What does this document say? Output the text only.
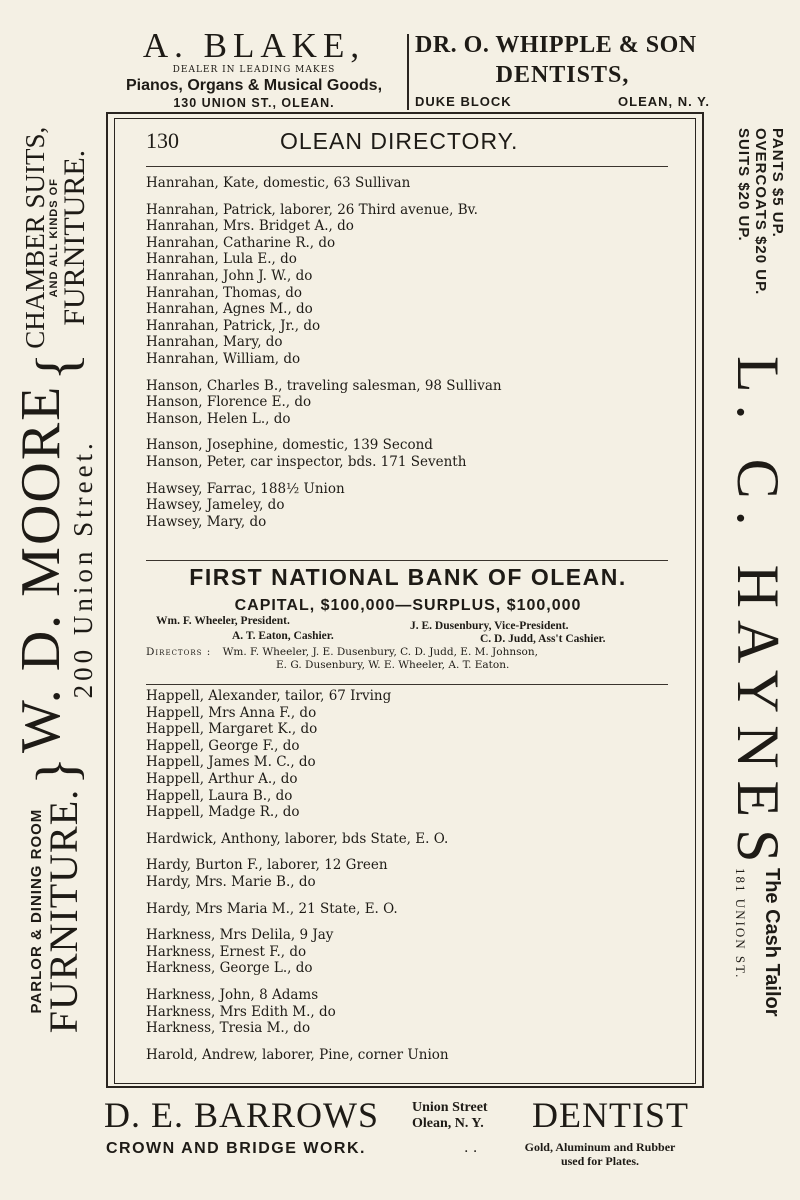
A. BLAKE,
DEALER IN LEADING MAKES
Pianos, Organs & Musical Goods,
130 UNION ST., OLEAN.
DR. O. WHIPPLE & SON
DENTISTS,
DUKE BLOCK	OLEAN, N. Y.
130	OLEAN DIRECTORY.
Hanrahan, Kate, domestic, 63 Sullivan
Hanrahan, Patrick, laborer, 26 Third avenue, Bv.
Hanrahan, Mrs. Bridget A., do
Hanrahan, Catharine R., do
Hanrahan, Lula E., do
Hanrahan, John J. W., do
Hanrahan, Thomas, do
Hanrahan, Agnes M., do
Hanrahan, Patrick, Jr., do
Hanrahan, Mary, do
Hanrahan, William, do
Hanson, Charles B., traveling salesman, 98 Sullivan
Hanson, Florence E., do
Hanson, Helen L., do
Hanson, Josephine, domestic, 139 Second
Hanson, Peter, car inspector, bds. 171 Seventh
Hawsey, Farrac, 188½ Union
Hawsey, Jameley, do
Hawsey, Mary, do
FIRST NATIONAL BANK OF OLEAN.
CAPITAL, $100,000—SURPLUS, $100,000
Wm. F. Wheeler, President.	J. E. Dusenbury, Vice-President.
A. T. Eaton, Cashier.	C. D. Judd, Ass't Cashier.
Directors : Wm. F. Wheeler, J. E. Dusenbury, C. D. Judd, E. M. Johnson,
E. G. Dusenbury, W. E. Wheeler, A. T. Eaton.
Happell, Alexander, tailor, 67 Irving
Happell, Mrs Anna F., do
Happell, Margaret K., do
Happell, George F., do
Happell, James M. C., do
Happell, Arthur A., do
Happell, Laura B., do
Happell, Madge R., do
Hardwick, Anthony, laborer, bds State, E. O.
Hardy, Burton F., laborer, 12 Green
Hardy, Mrs. Marie B., do
Hardy, Mrs Maria M., 21 State, E. O.
Harkness, Mrs Delila, 9 Jay
Harkness, Ernest F., do
Harkness, George L., do
Harkness, John, 8 Adams
Harkness, Mrs Edith M., do
Harkness, Tresia M., do
Harold, Andrew, laborer, Pine, corner Union
PARLOR & DINING ROOM
FURNITURE.
}
W. D. MOORE
200 Union Street.
{
CHAMBER SUITS,
AND ALL KINDS OF
FURNITURE.	PANTS $5 UP.
OVERCOATS $20 UP.
SUITS $20 UP.
L. C. HAYNES
The Cash Tailor
181 UNION ST.
D. E. BARROWS Union Street
Olean, N. Y. DENTIST
CROWN AND BRIDGE WORK.	. .	Gold, Aluminum and Rubber
used for Plates.
